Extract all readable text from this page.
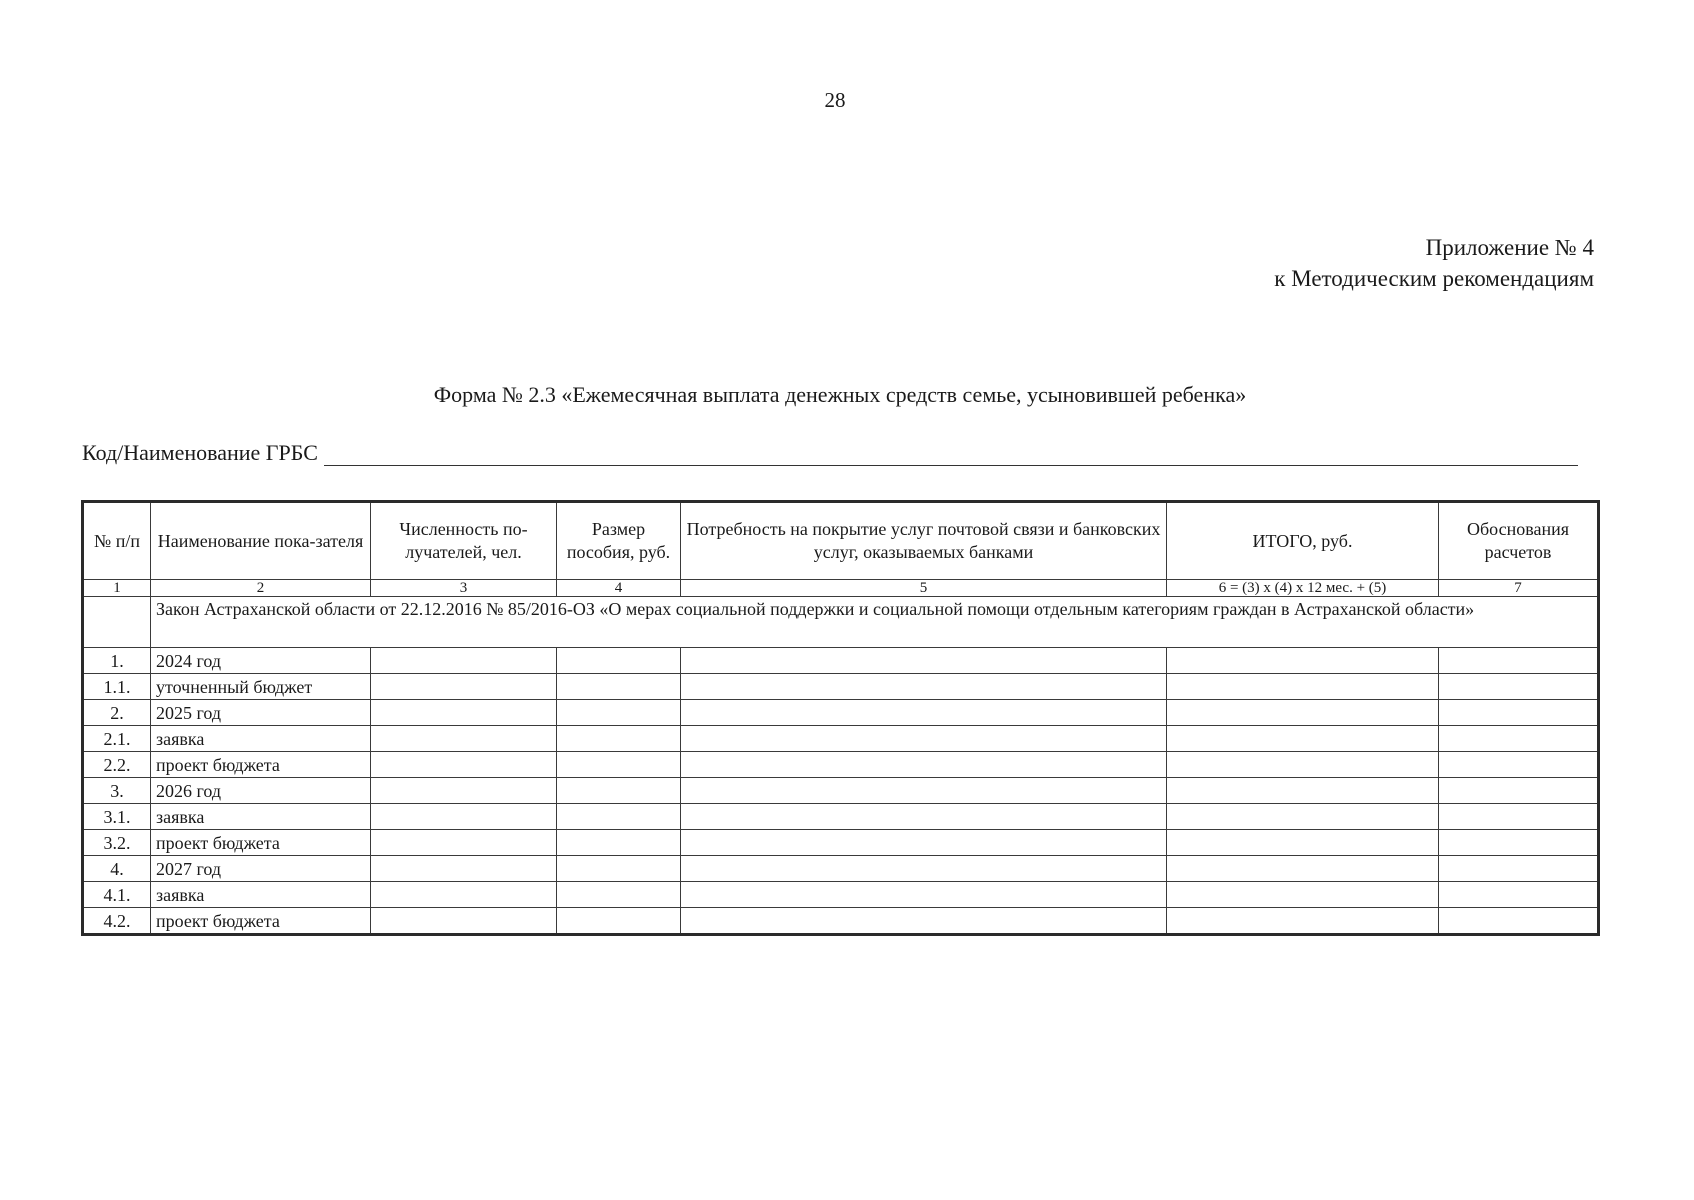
28
Приложение № 4
к Методическим рекомендациям
Форма № 2.3 «Ежемесячная выплата денежных средств семье, усыновившей ребенка»
Код/Наименование ГРБС
№ п/п	Наименование пока-зателя	Численность по-лучателей, чел.	Размер пособия, руб.	Потребность на покрытие услуг почтовой связи и банковских услуг, оказываемых банками	ИТОГО, руб.	Обоснования расчетов
1	2	3	4	5	6 = (3) х (4) х 12 мес. + (5)	7
	Закон Астраханской области от 22.12.2016 № 85/2016-ОЗ «О мерах социальной поддержки и социальной помощи отдельным категориям граждан в Астраханской области»					
1.	2024 год					
1.1.	уточненный бюджет					
2.	2025 год					
2.1.	заявка					
2.2.	проект бюджета					
3.	2026 год					
3.1.	заявка					
3.2.	проект бюджета					
4.	2027 год					
4.1.	заявка					
4.2.	проект бюджета					
